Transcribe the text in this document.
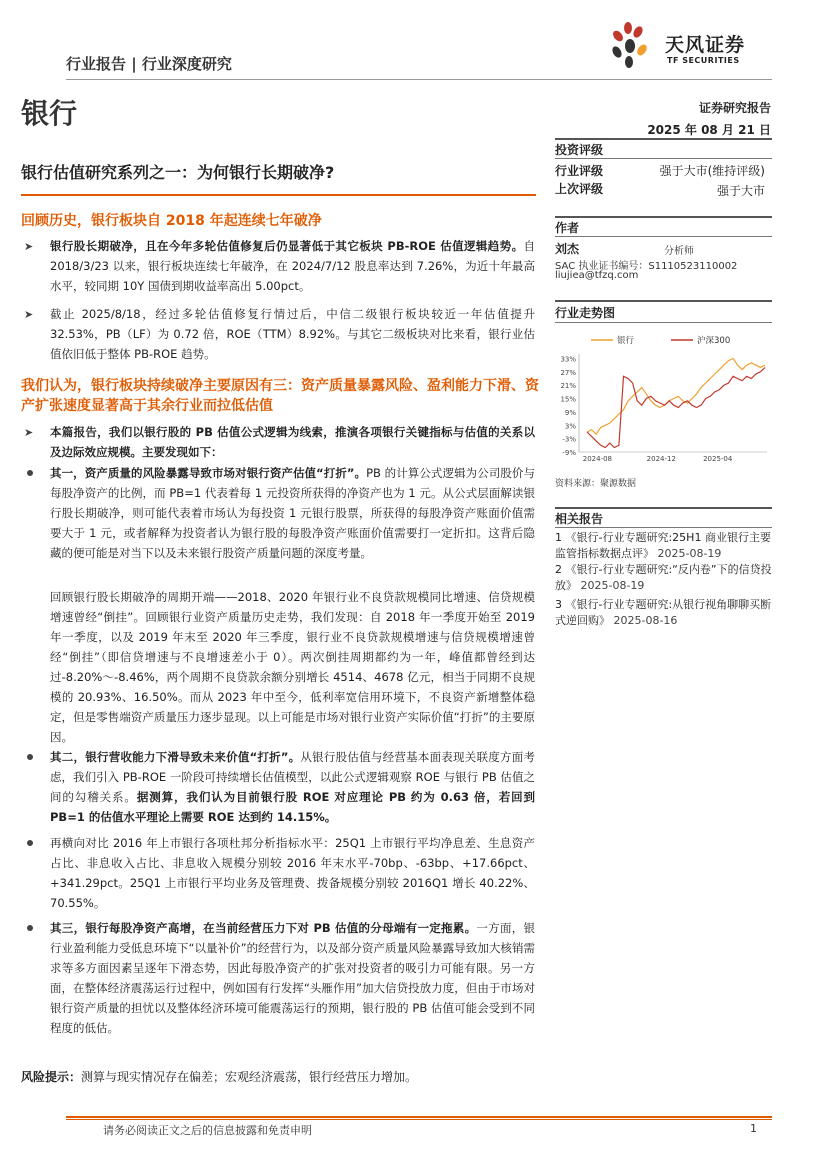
行业报告 | 行业深度研究
天风证券
TF SECURITIES
银行	证券研究报告
2025 年 08 月 21 日
银行估值研究系列之一：为何银行长期破净?
回顾历史，银行板块自 2018 年起连续七年破净
➤ 银行股长期破净，且在今年多轮估值修复后仍显著低于其它板块 PB-ROE 估值逻辑趋势。自 2018/3/23 以来，银行板块连续七年破净，在 2024/7/12 股息率达到 7.26%，为近十年最高水平，较同期 10Y 国债到期收益率高出 5.00pct。
➤ 截止 2025/8/18，经过多轮估值修复行情过后，中信二级银行板块较近一年估值提升 32.53%，PB（LF）为 0.72 倍，ROE（TTM）8.92%。与其它二级板块对比来看，银行业估值依旧低于整体 PB-ROE 趋势。
我们认为，银行板块持续破净主要原因有三：资产质量暴露风险、盈利能力下滑、资产扩张速度显著高于其余行业而拉低估值
➤ 本篇报告，我们以银行股的 PB 估值公式逻辑为线索，推演各项银行关键指标与估值的关系以及边际效应规模。主要发现如下：
其一，资产质量的风险暴露导致市场对银行资产估值“打折”。PB 的计算公式逻辑为公司股价与每股净资产的比例，而 PB=1 代表着每 1 元投资所获得的净资产也为 1 元。从公式层面解读银行股长期破净，则可能代表着市场认为每投资 1 元银行股票，所获得的每股净资产账面价值需要大于 1 元，或者解释为投资者认为银行股的每股净资产账面价值需要打一定折扣。这背后隐藏的便可能是对当下以及未来银行股资产质量问题的深度考量。
回顾银行股长期破净的周期开端——2018、2020 年银行业不良贷款规模同比增速、信贷规模增速曾经“倒挂”。回顾银行业资产质量历史走势，我们发现：自 2018 年一季度开始至 2019 年一季度，以及 2019 年末至 2020 年三季度，银行业不良贷款规模增速与信贷规模增速曾经“倒挂”（即信贷增速与不良增速差小于 0）。两次倒挂周期都约为一年，峰值都曾经到达过-8.20%～-8.46%，两个周期不良贷款余额分别增长 4514、4678 亿元，相当于同期不良规模的 20.93%、16.50%。而从 2023 年中至今，低利率宽信用环境下，不良资产新增整体稳定，但是零售端资产质量压力逐步显现。以上可能是市场对银行业资产实际价值“打折”的主要原因。
其二，银行营收能力下滑导致未来价值“打折”。从银行股估值与经营基本面表现关联度方面考虑，我们引入 PB-ROE 一阶段可持续增长估值模型，以此公式逻辑观察 ROE 与银行 PB 估值之间的勾稽关系。据测算，我们认为目前银行股 ROE 对应理论 PB 约为 0.63 倍，若回到 PB=1 的估值水平理论上需要 ROE 达到约 14.15%。
再横向对比 2016 年上市银行各项杜邦分析指标水平：25Q1 上市银行平均净息差、生息资产占比、非息收入占比、非息收入规模分别较 2016 年末水平-70bp、-63bp、+17.66pct、+341.29pct。25Q1 上市银行平均业务及管理费、拨备规模分别较 2016Q1 增长 40.22%、70.55%。
其三，银行每股净资产高增，在当前经营压力下对 PB 估值的分母端有一定拖累。一方面，银行业盈利能力受低息环境下“以量补价”的经营行为，以及部分资产质量风险暴露导致加大核销需求等多方面因素呈逐年下滑态势，因此每股净资产的扩张对投资者的吸引力可能有限。另一方面，在整体经济震荡运行过程中，例如国有行发挥“头雁作用”加大信贷投放力度，但由于市场对银行资产质量的担忧以及整体经济环境可能震荡运行的预期，银行股的 PB 估值可能会受到不同程度的低估。
风险提示：测算与现实情况存在偏差；宏观经济震荡，银行经营压力增加。
投资评级
行业评级	强于大市(维持评级)
上次评级	强于大市
作者
刘杰	分析师
SAC 执业证书编号：S1110523110002
liujiea@tfzq.com
行业走势图
银行	沪深300
33%
27%
21%
15%
9%
3%
-3%
-9%
2024-08	2024-12	2025-04
资料来源：聚源数据
相关报告
1 《银行-行业专题研究:25H1 商业银行主要监管指标数据点评》 2025-08-19
2 《银行-行业专题研究:“反内卷”下的信贷投放》 2025-08-19
3 《银行-行业专题研究:从银行视角聊聊买断式逆回购》 2025-08-16
请务必阅读正文之后的信息披露和免责申明	1
